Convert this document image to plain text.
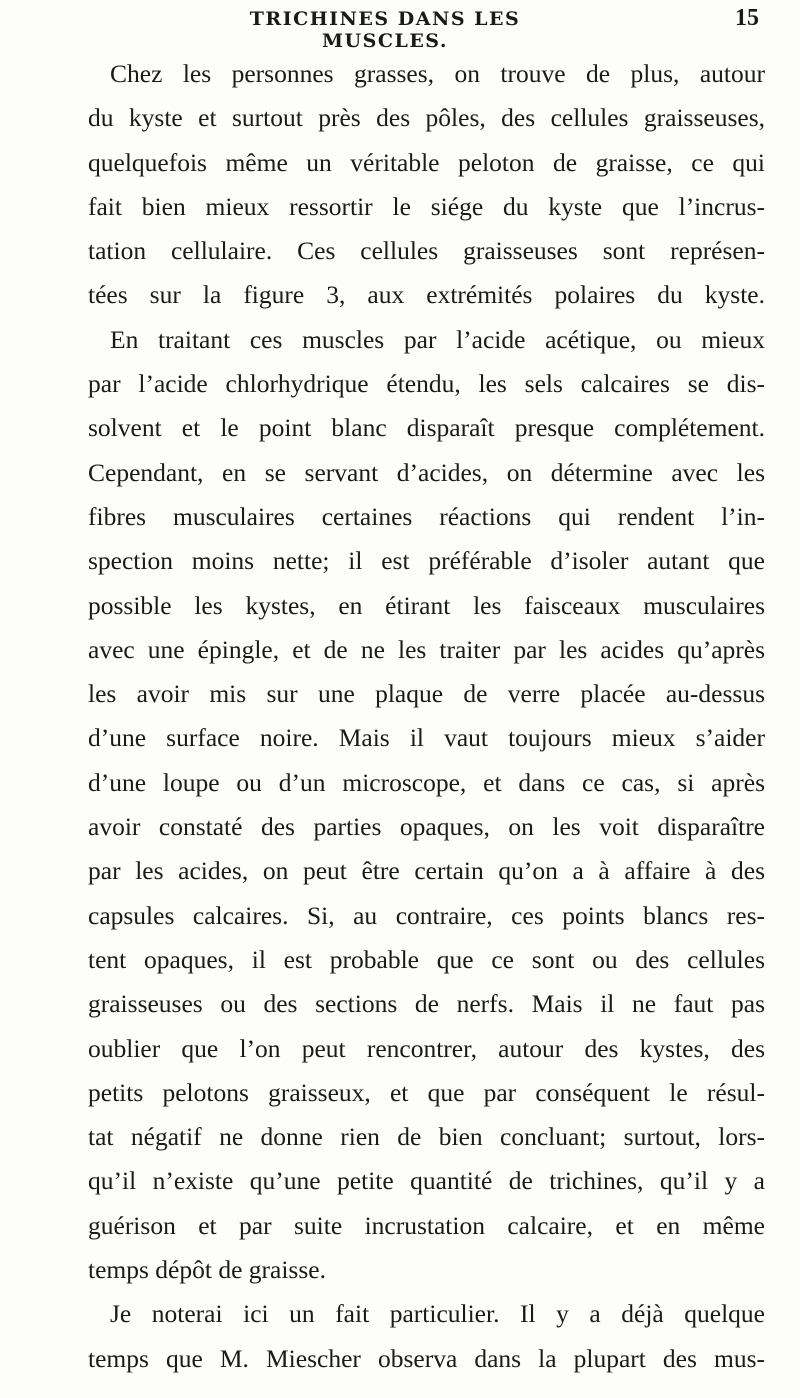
TRICHINES DANS LES MUSCLES.
15
Chez les personnes grasses, on trouve de plus, autour
du kyste et surtout près des pôles, des cellules graisseuses,
quelquefois même un véritable peloton de graisse, ce qui
fait bien mieux ressortir le siége du kyste que l’incrus-
tation cellulaire. Ces cellules graisseuses sont représen-
tées sur la figure 3, aux extrémités polaires du kyste.
En traitant ces muscles par l’acide acétique, ou mieux
par l’acide chlorhydrique étendu, les sels calcaires se dis-
solvent et le point blanc disparaît presque complétement.
Cependant, en se servant d’acides, on détermine avec les
fibres musculaires certaines réactions qui rendent l’in-
spection moins nette; il est préférable d’isoler autant que
possible les kystes, en étirant les faisceaux musculaires
avec une épingle, et de ne les traiter par les acides qu’après
les avoir mis sur une plaque de verre placée au-dessus
d’une surface noire. Mais il vaut toujours mieux s’aider
d’une loupe ou d’un microscope, et dans ce cas, si après
avoir constaté des parties opaques, on les voit disparaître
par les acides, on peut être certain qu’on a à affaire à des
capsules calcaires. Si, au contraire, ces points blancs res-
tent opaques, il est probable que ce sont ou des cellules
graisseuses ou des sections de nerfs. Mais il ne faut pas
oublier que l’on peut rencontrer, autour des kystes, des
petits pelotons graisseux, et que par conséquent le résul-
tat négatif ne donne rien de bien concluant; surtout, lors-
qu’il n’existe qu’une petite quantité de trichines, qu’il y a
guérison et par suite incrustation calcaire, et en même
temps dépôt de graisse.
Je noterai ici un fait particulier. Il y a déjà quelque
temps que M. Miescher observa dans la plupart des mus-
